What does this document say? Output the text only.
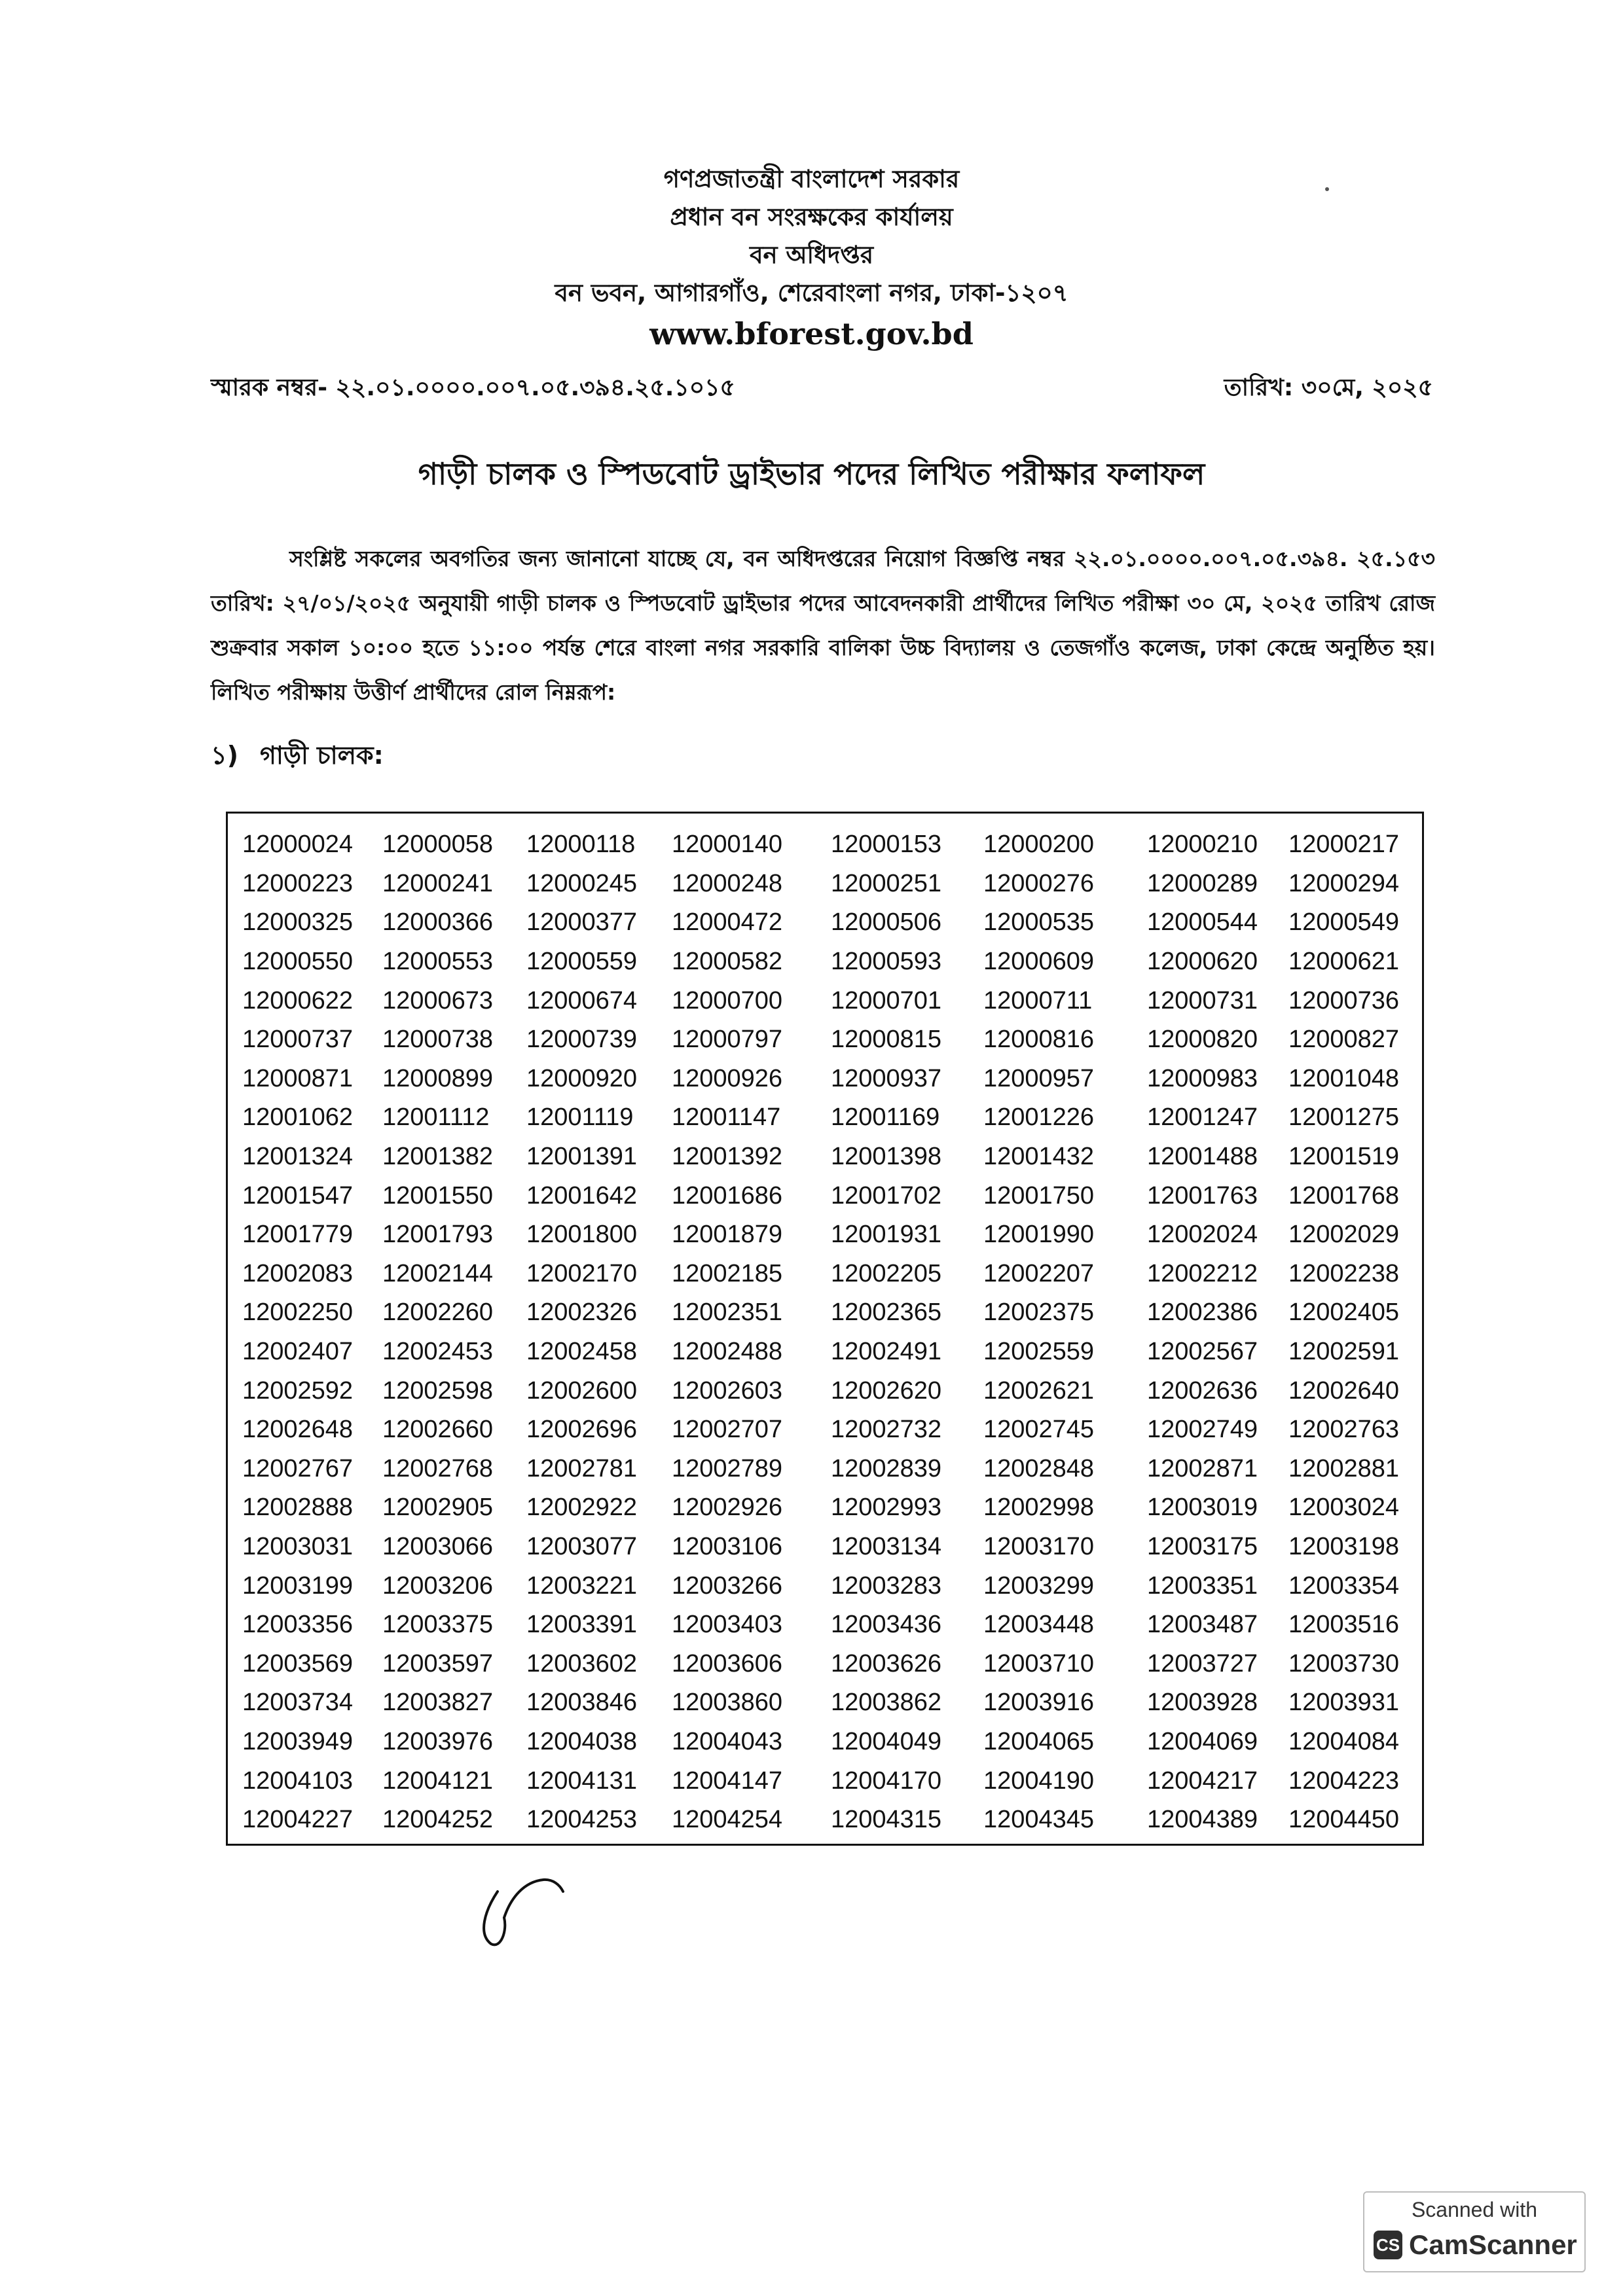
গণপ্রজাতন্ত্রী বাংলাদেশ সরকার
প্রধান বন সংরক্ষকের কার্যালয়
বন অধিদপ্তর
বন ভবন, আগারগাঁও, শেরেবাংলা নগর, ঢাকা-১২০৭
www.bforest.gov.bd
স্মারক নম্বর- ২২.০১.০০০০.০০৭.০৫.৩৯৪.২৫.১০১৫	তারিখ: ৩০মে, ২০২৫
গাড়ী চালক ও স্পিডবোট ড্রাইভার পদের লিখিত পরীক্ষার ফলাফল
সংশ্লিষ্ট সকলের অবগতির জন্য জানানো যাচ্ছে যে, বন অধিদপ্তরের নিয়োগ বিজ্ঞপ্তি নম্বর ২২.০১.০০০০.০০৭.০৫.৩৯৪. ২৫.১৫৩ তারিখ: ২৭/০১/২০২৫ অনুযায়ী গাড়ী চালক ও স্পিডবোট ড্রাইভার পদের আবেদনকারী প্রার্থীদের লিখিত পরীক্ষা ৩০ মে, ২০২৫ তারিখ রোজ শুক্রবার সকাল ১০:০০ হতে ১১:০০ পর্যন্ত শেরে বাংলা নগর সরকারি বালিকা উচ্চ বিদ্যালয় ও তেজগাঁও কলেজ, ঢাকা কেন্দ্রে অনুষ্ঠিত হয়। লিখিত পরীক্ষায় উত্তীর্ণ প্রার্থীদের রোল নিম্নরূপ:
১) গাড়ী চালক:
12000024	12000058	12000118	12000140	12000153	12000200	12000210	12000217
12000223	12000241	12000245	12000248	12000251	12000276	12000289	12000294
12000325	12000366	12000377	12000472	12000506	12000535	12000544	12000549
12000550	12000553	12000559	12000582	12000593	12000609	12000620	12000621
12000622	12000673	12000674	12000700	12000701	12000711	12000731	12000736
12000737	12000738	12000739	12000797	12000815	12000816	12000820	12000827
12000871	12000899	12000920	12000926	12000937	12000957	12000983	12001048
12001062	12001112	12001119	12001147	12001169	12001226	12001247	12001275
12001324	12001382	12001391	12001392	12001398	12001432	12001488	12001519
12001547	12001550	12001642	12001686	12001702	12001750	12001763	12001768
12001779	12001793	12001800	12001879	12001931	12001990	12002024	12002029
12002083	12002144	12002170	12002185	12002205	12002207	12002212	12002238
12002250	12002260	12002326	12002351	12002365	12002375	12002386	12002405
12002407	12002453	12002458	12002488	12002491	12002559	12002567	12002591
12002592	12002598	12002600	12002603	12002620	12002621	12002636	12002640
12002648	12002660	12002696	12002707	12002732	12002745	12002749	12002763
12002767	12002768	12002781	12002789	12002839	12002848	12002871	12002881
12002888	12002905	12002922	12002926	12002993	12002998	12003019	12003024
12003031	12003066	12003077	12003106	12003134	12003170	12003175	12003198
12003199	12003206	12003221	12003266	12003283	12003299	12003351	12003354
12003356	12003375	12003391	12003403	12003436	12003448	12003487	12003516
12003569	12003597	12003602	12003606	12003626	12003710	12003727	12003730
12003734	12003827	12003846	12003860	12003862	12003916	12003928	12003931
12003949	12003976	12004038	12004043	12004049	12004065	12004069	12004084
12004103	12004121	12004131	12004147	12004170	12004190	12004217	12004223
12004227	12004252	12004253	12004254	12004315	12004345	12004389	12004450
Scanned with
CS CamScanner
